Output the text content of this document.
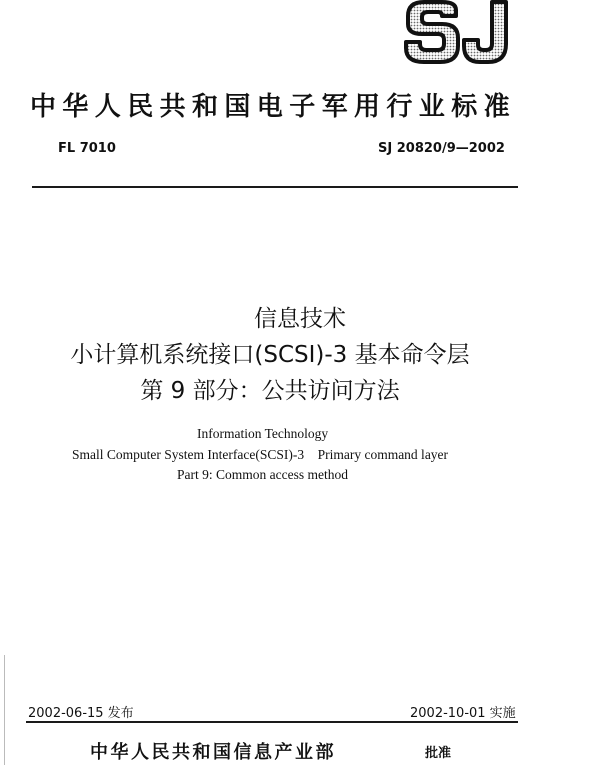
中华人民共和国电子军用行业标准
FL 7010	SJ 20820/9—2002
信息技术
小计算机系统接口(SCSI)-3 基本命令层
第 9 部分：公共访问方法
Information Technology
Small Computer System Interface(SCSI)-3    Primary command layer
Part 9: Common access method
2002-06-15 发布	2002-10-01 实施
中华人民共和国信息产业部	批准
